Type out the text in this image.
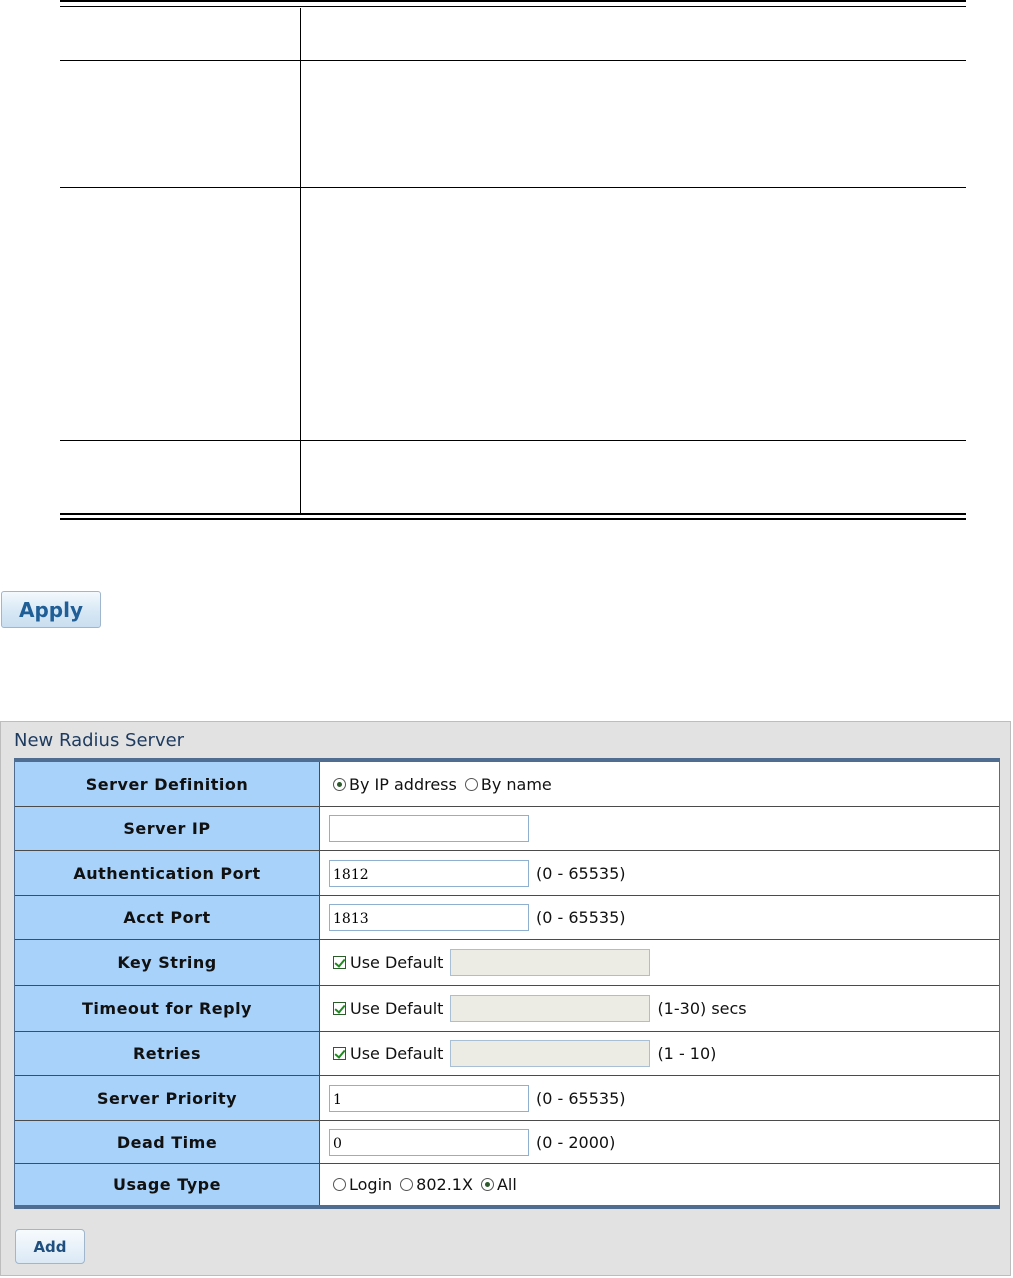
Apply
New Radius Server
Server Definition	By IP address By name
Server IP
Authentication Port	1812	(0 - 65535)
Acct Port	1813	(0 - 65535)
Key String	Use Default
Timeout for Reply	Use Default	(1-30) secs
Retries	Use Default	(1 - 10)
Server Priority	1	(0 - 65535)
Dead Time	0	(0 - 2000)
Usage Type	Login 802.1X All
Add
